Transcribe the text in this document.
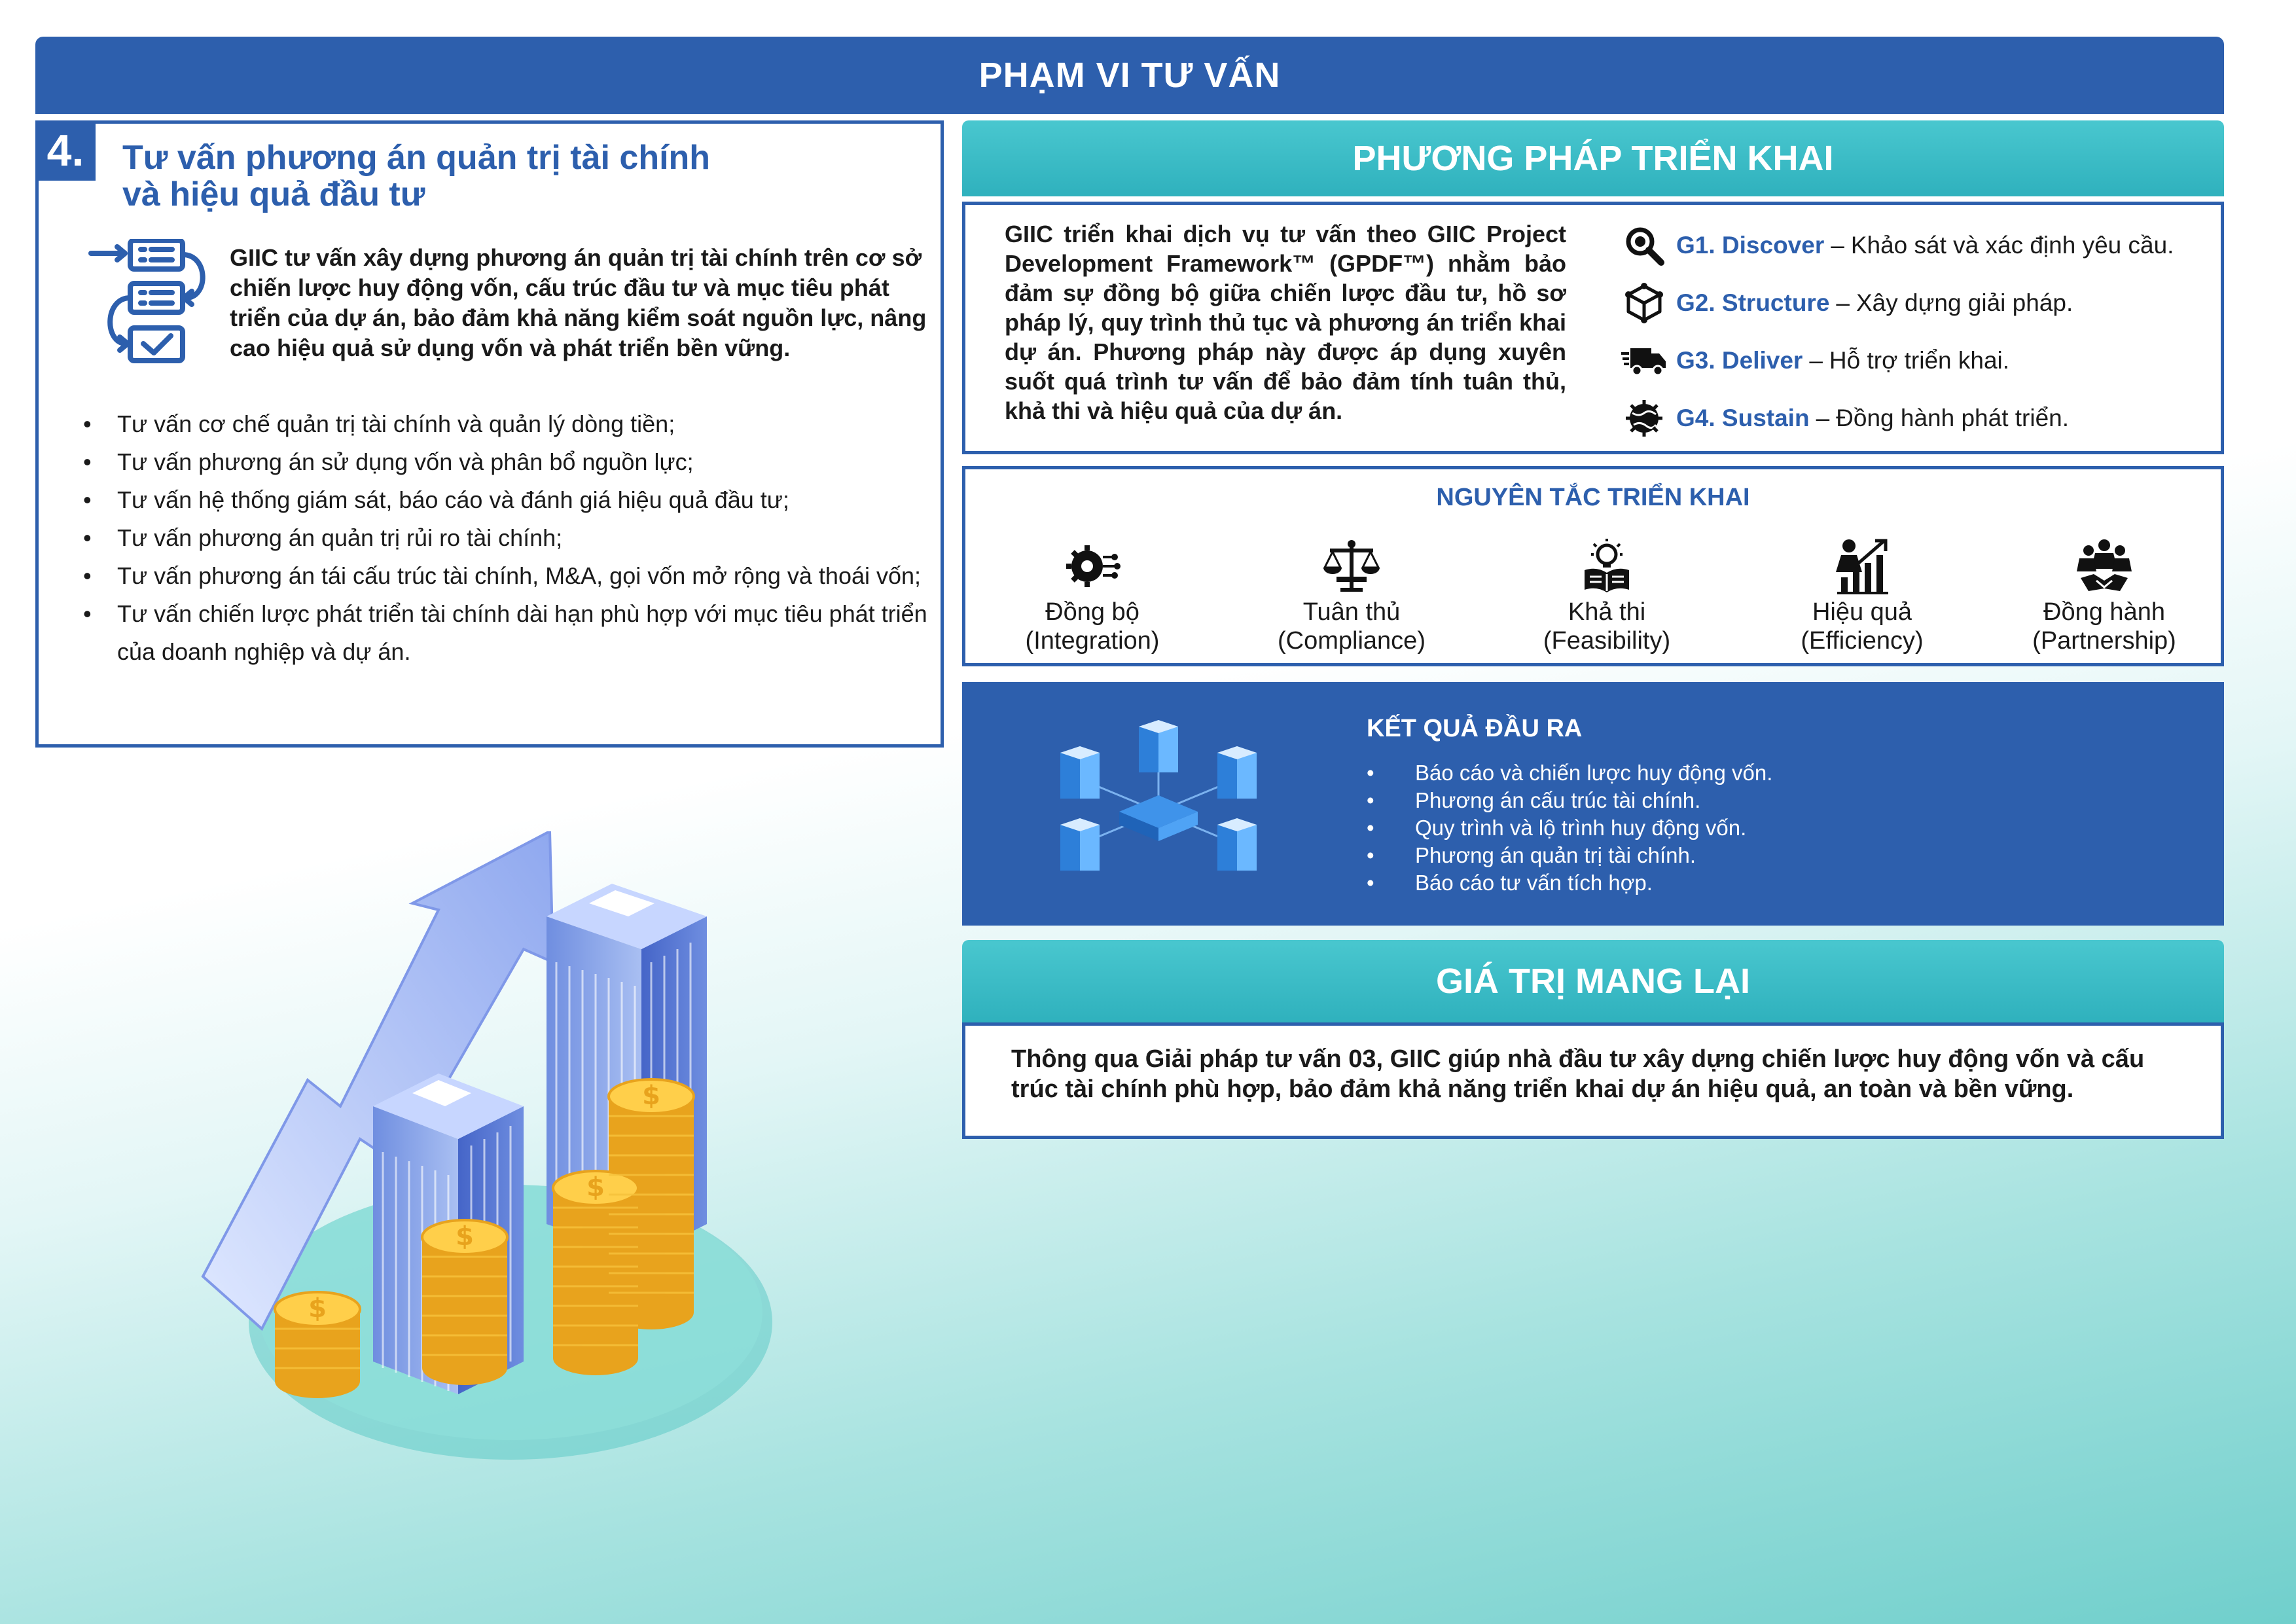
PHẠM VI TƯ VẤN
4.	Tư vấn phương án quản trị tài chính
và hiệu quả đầu tư
GIIC tư vấn xây dựng phương án quản trị tài chính trên cơ sở chiến lược huy động vốn, cấu trúc đầu tư và mục tiêu phát triển của dự án, bảo đảm khả năng kiểm soát nguồn lực, nâng cao hiệu quả sử dụng vốn và phát triển bền vững.
• Tư vấn cơ chế quản trị tài chính và quản lý dòng tiền;
• Tư vấn phương án sử dụng vốn và phân bổ nguồn lực;
• Tư vấn hệ thống giám sát, báo cáo và đánh giá hiệu quả đầu tư;
• Tư vấn phương án quản trị rủi ro tài chính;
• Tư vấn phương án tái cấu trúc tài chính, M&A, gọi vốn mở rộng và thoái vốn;
• Tư vấn chiến lược phát triển tài chính dài hạn phù hợp với mục tiêu phát triển của doanh nghiệp và dự án.
$
$
$
$
PHƯƠNG PHÁP TRIỂN KHAI
GIIC triển khai dịch vụ tư vấn theo GIIC Project Development Framework™ (GPDF™) nhằm bảo đảm sự đồng bộ giữa chiến lược đầu tư, hồ sơ pháp lý, quy trình thủ tục và phương án triển khai dự án. Phương pháp này được áp dụng xuyên suốt quá trình tư vấn để bảo đảm tính tuân thủ, khả thi và hiệu quả của dự án.
G1. Discover – Khảo sát và xác định yêu cầu.
G2. Structure – Xây dựng giải pháp.
G3. Deliver – Hỗ trợ triển khai.
G4. Sustain – Đồng hành phát triển.
NGUYÊN TẮC TRIỂN KHAI
Đồng bộ
(Integration)
Tuân thủ
(Compliance)
Khả thi
(Feasibility)
Hiệu quả
(Efficiency)
Đồng hành
(Partnership)
KẾT QUẢ ĐẦU RA
• Báo cáo và chiến lược huy động vốn.
• Phương án cấu trúc tài chính.
• Quy trình và lộ trình huy động vốn.
• Phương án quản trị tài chính.
• Báo cáo tư vấn tích hợp.
GIÁ TRỊ MANG LẠI
Thông qua Giải pháp tư vấn 03, GIIC giúp nhà đầu tư xây dựng chiến lược huy động vốn và cấu trúc tài chính phù hợp, bảo đảm khả năng triển khai dự án hiệu quả, an toàn và bền vững.
